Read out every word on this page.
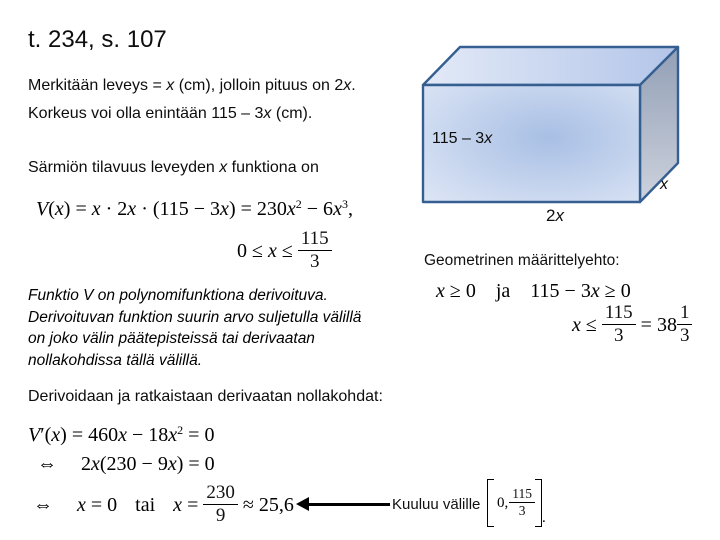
t. 234, s. 107
Merkitään leveys = x (cm), jolloin pituus on 2x.
Korkeus voi olla enintään 115 – 3x (cm).
Särmiön tilavuus leveyden x funktiona on
$V(x) = x \cdot 2x \cdot (115 - 3x) = 230x^2 - 6x^3$,
$0 \le x \le \frac{115}{3}$
Funktio V on polynomifunktiona derivoituva.
Derivoituvan funktion suurin arvo suljetulla välillä
on joko välin päätepisteissä tai derivaatan
nollakohdissa tällä välillä.
Derivoidaan ja ratkaistaan derivaatan nollakohdat:
$V'(x) = 460x - 18x^2 = 0$
⇔ 2x(230 − 9x) = 0
⇔ x = 0 tai $x = \frac{230}{9} \approx 25,6$	Kuuluu välille 0, $\frac{115}{3}$ .
115 – 3x
2x
x
Geometrinen määrittelyehto:
x ≥ 0    ja    115 − 3x ≥ 0
$x \le \frac{115}{3} = 38 \frac{1}{3}$
